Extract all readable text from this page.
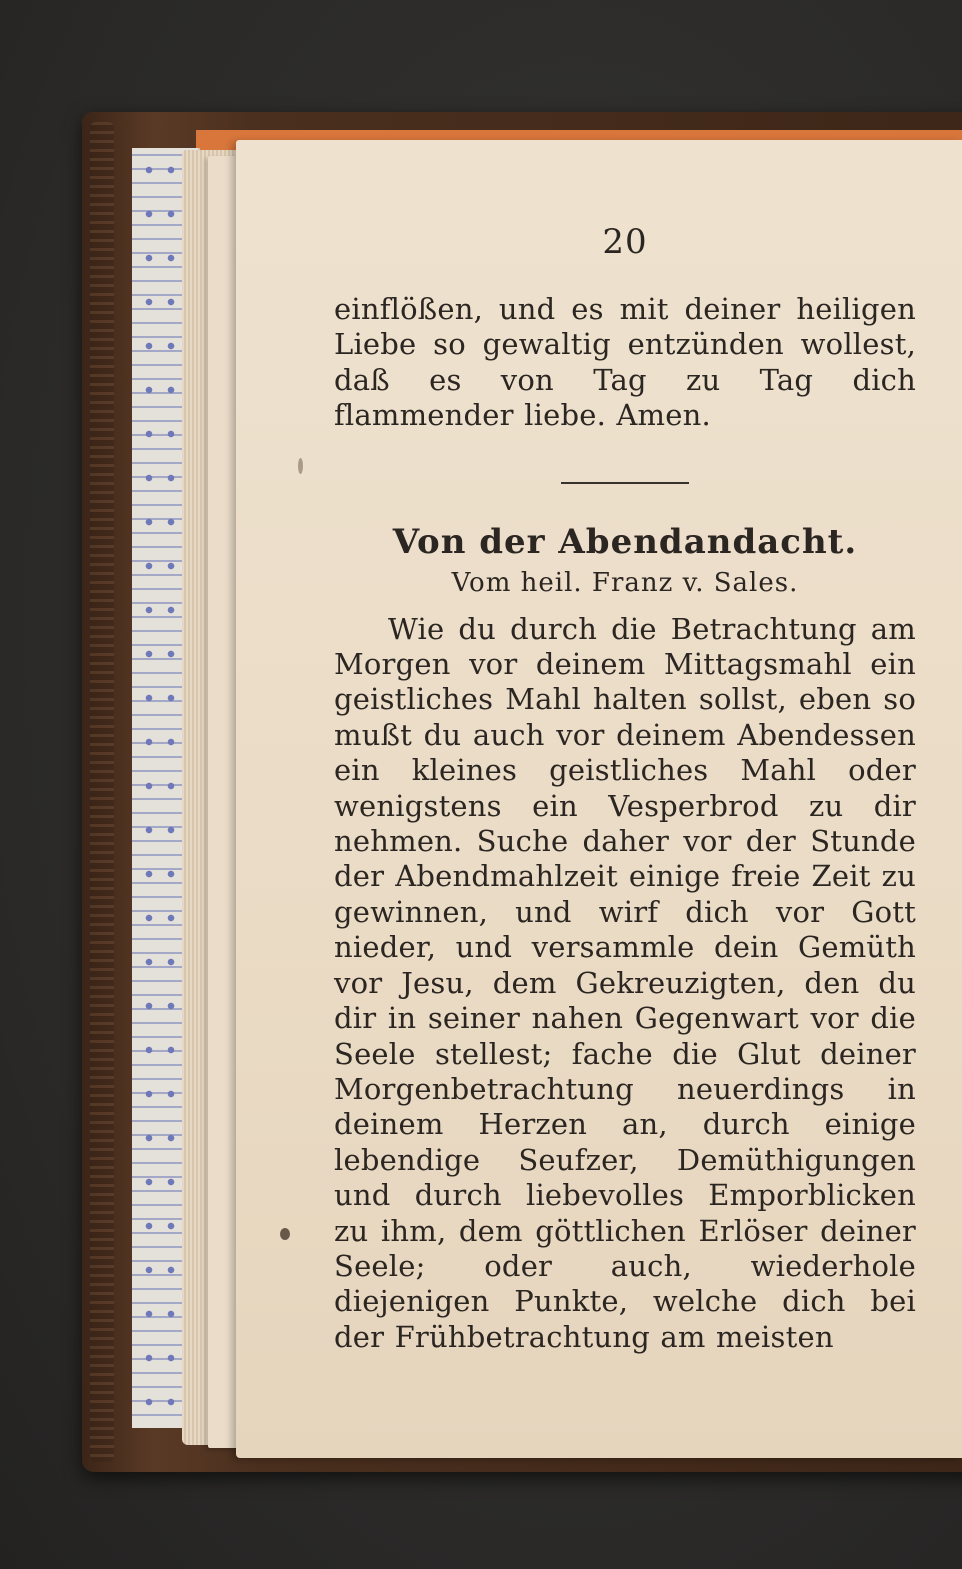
20

einflößen, und es mit deiner heiligen Liebe so gewaltig entzünden wollest, daß es von Tag zu Tag dich flammender liebe. Amen.

Von der Abendandacht.
Vom heil. Franz v. Sales.

Wie du durch die Betrachtung am Morgen vor deinem Mittagsmahl ein geistliches Mahl halten sollst, eben so mußt du auch vor deinem Abendessen ein kleines geistliches Mahl oder wenigstens ein Vesperbrod zu dir nehmen. Suche daher vor der Stunde der Abendmahlzeit einige freie Zeit zu gewinnen, und wirf dich vor Gott nieder, und versammle dein Gemüth vor Jesu, dem Gekreuzigten, den du dir in seiner nahen Gegenwart vor die Seele stellest; fache die Glut deiner Morgenbetrachtung neuerdings in deinem Herzen an, durch einige lebendige Seufzer, Demüthigungen und durch liebevolles Emporblicken zu ihm, dem göttlichen Erlöser deiner Seele; oder auch, wiederhole diejenigen Punkte, welche dich bei der Frühbetrachtung am meisten
